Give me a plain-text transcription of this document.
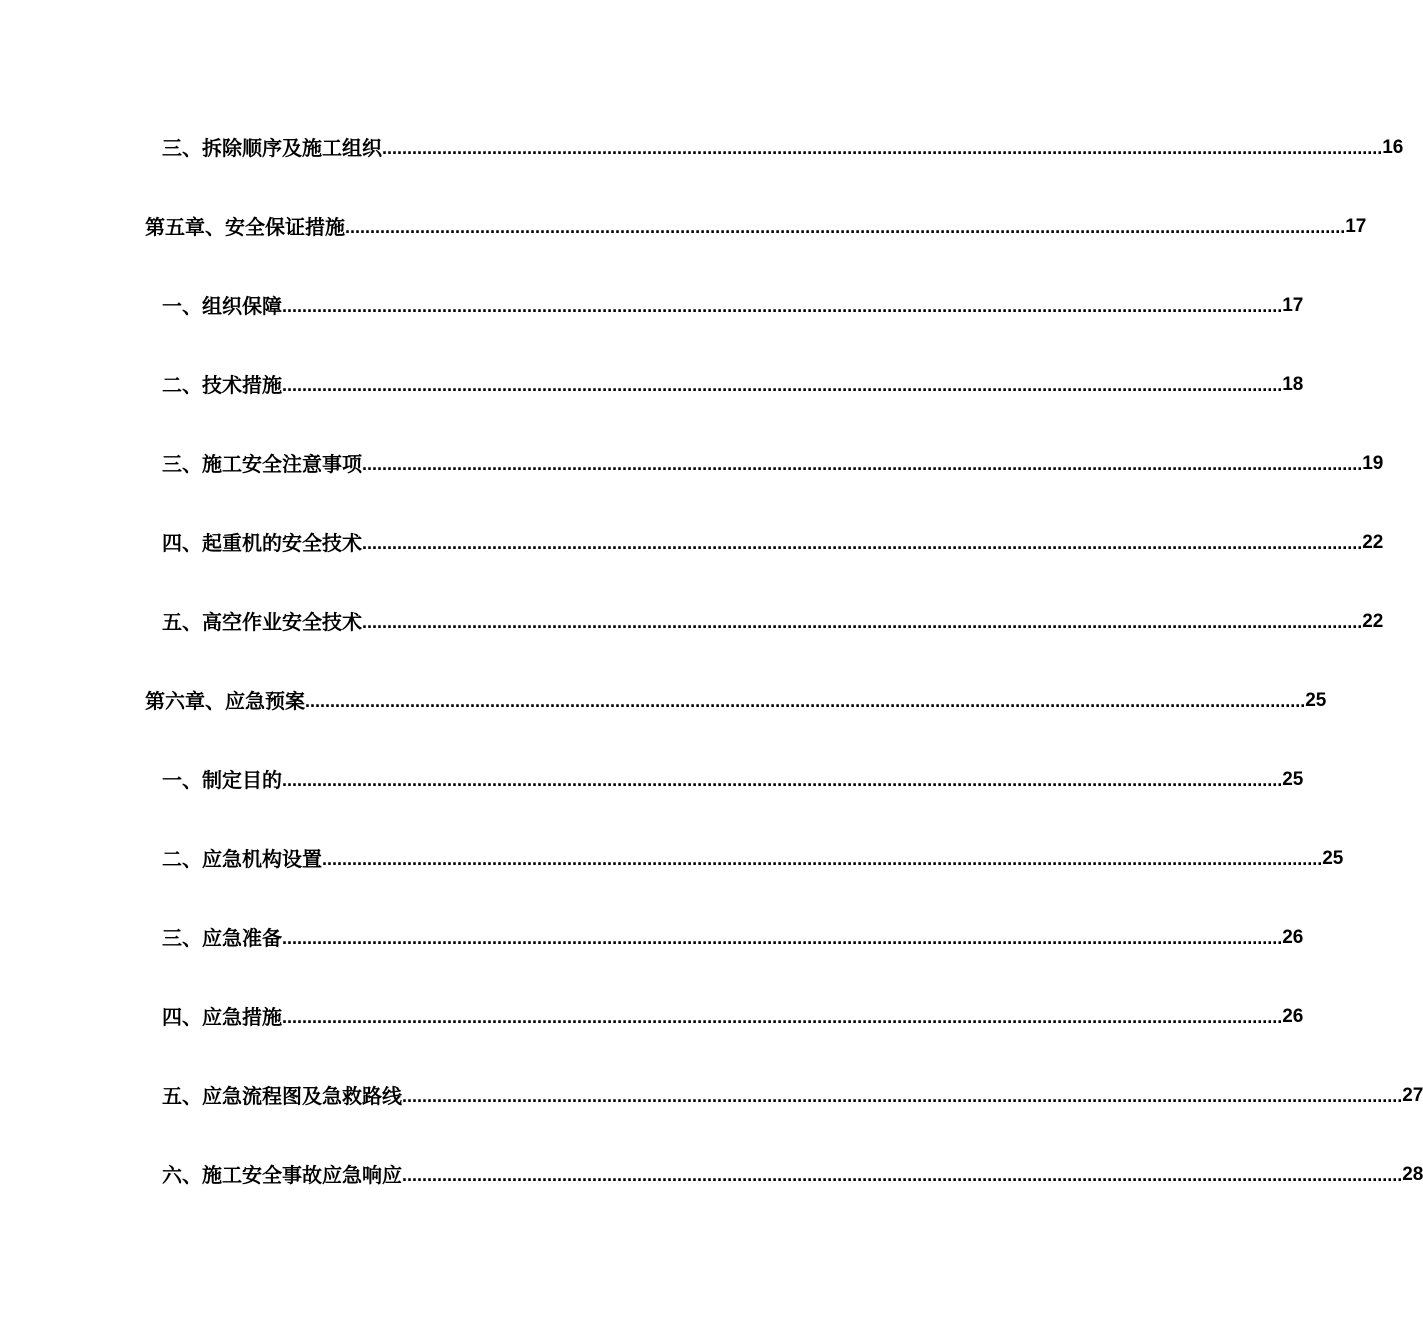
三、拆除顺序及施工组织 ........................................................................................................................................................................................................ 16
第五章、安全保证措施 ........................................................................................................................................................................................................ 17
一、组织保障 ........................................................................................................................................................................................................ 17
二、技术措施 ........................................................................................................................................................................................................ 18
三、施工安全注意事项 ........................................................................................................................................................................................................ 19
四、起重机的安全技术 ........................................................................................................................................................................................................ 22
五、高空作业安全技术 ........................................................................................................................................................................................................ 22
第六章、应急预案 ........................................................................................................................................................................................................ 25
一、制定目的 ........................................................................................................................................................................................................ 25
二、应急机构设置 ........................................................................................................................................................................................................ 25
三、应急准备 ........................................................................................................................................................................................................ 26
四、应急措施 ........................................................................................................................................................................................................ 26
五、应急流程图及急救路线 ........................................................................................................................................................................................................ 27
六、施工安全事故应急响应 ........................................................................................................................................................................................................ 28
